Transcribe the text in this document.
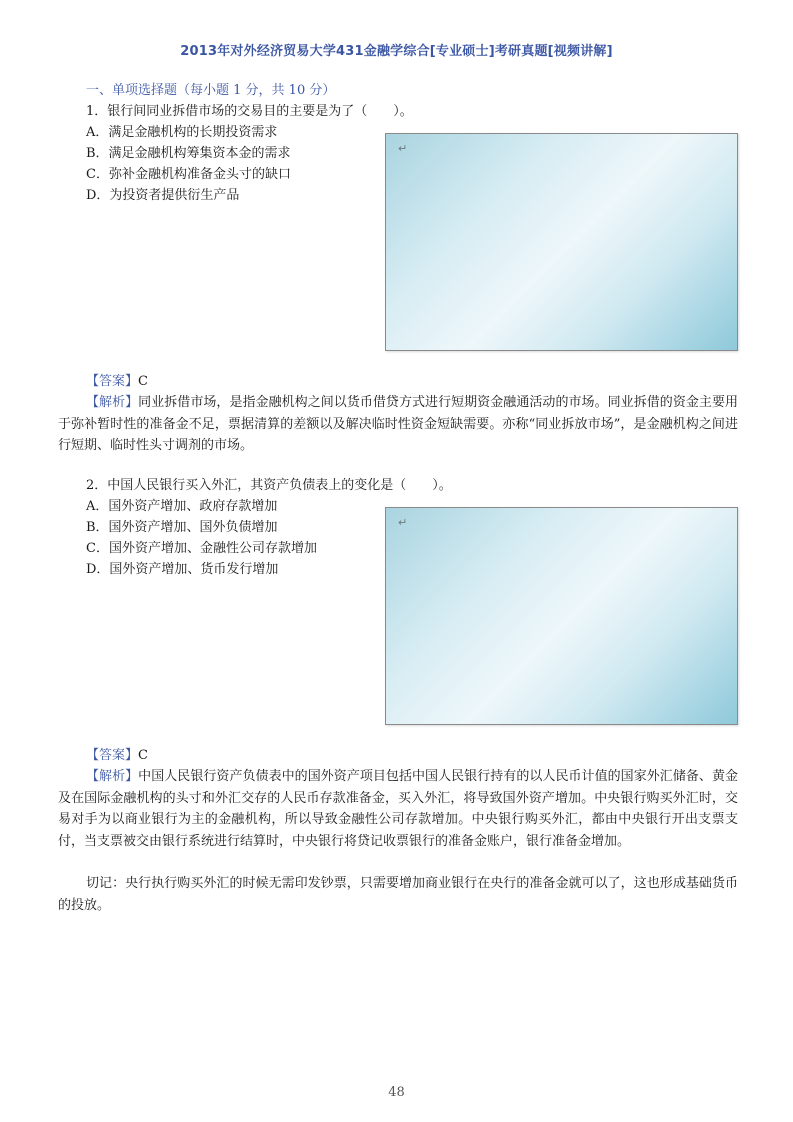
2013年对外经济贸易大学431金融学综合[专业硕士]考研真题[视频讲解]
一、单项选择题（每小题 1 分，共 10 分）
1．银行间同业拆借市场的交易目的主要是为了（　　）。
A．满足金融机构的长期投资需求
B．满足金融机构筹集资本金的需求
C．弥补金融机构准备金头寸的缺口
D．为投资者提供衍生产品
↵
【答案】C
【解析】同业拆借市场，是指金融机构之间以货币借贷方式进行短期资金融通活动的市场。同业拆借的资金主要用于弥补暂时性的准备金不足，票据清算的差额以及解决临时性资金短缺需要。亦称“同业拆放市场”，是金融机构之间进行短期、临时性头寸调剂的市场。
2．中国人民银行买入外汇，其资产负债表上的变化是（　　）。
A．国外资产增加、政府存款增加
B．国外资产增加、国外负债增加
C．国外资产增加、金融性公司存款增加
D．国外资产增加、货币发行增加
↵
【答案】C
【解析】中国人民银行资产负债表中的国外资产项目包括中国人民银行持有的以人民币计值的国家外汇储备、黄金及在国际金融机构的头寸和外汇交存的人民币存款准备金，买入外汇，将导致国外资产增加。中央银行购买外汇时，交易对手为以商业银行为主的金融机构，所以导致金融性公司存款增加。中央银行购买外汇，都由中央银行开出支票支付，当支票被交由银行系统进行结算时，中央银行将贷记收票银行的准备金账户，银行准备金增加。
切记：央行执行购买外汇的时候无需印发钞票，只需要增加商业银行在央行的准备金就可以了，这也形成基础货币的投放。
48
